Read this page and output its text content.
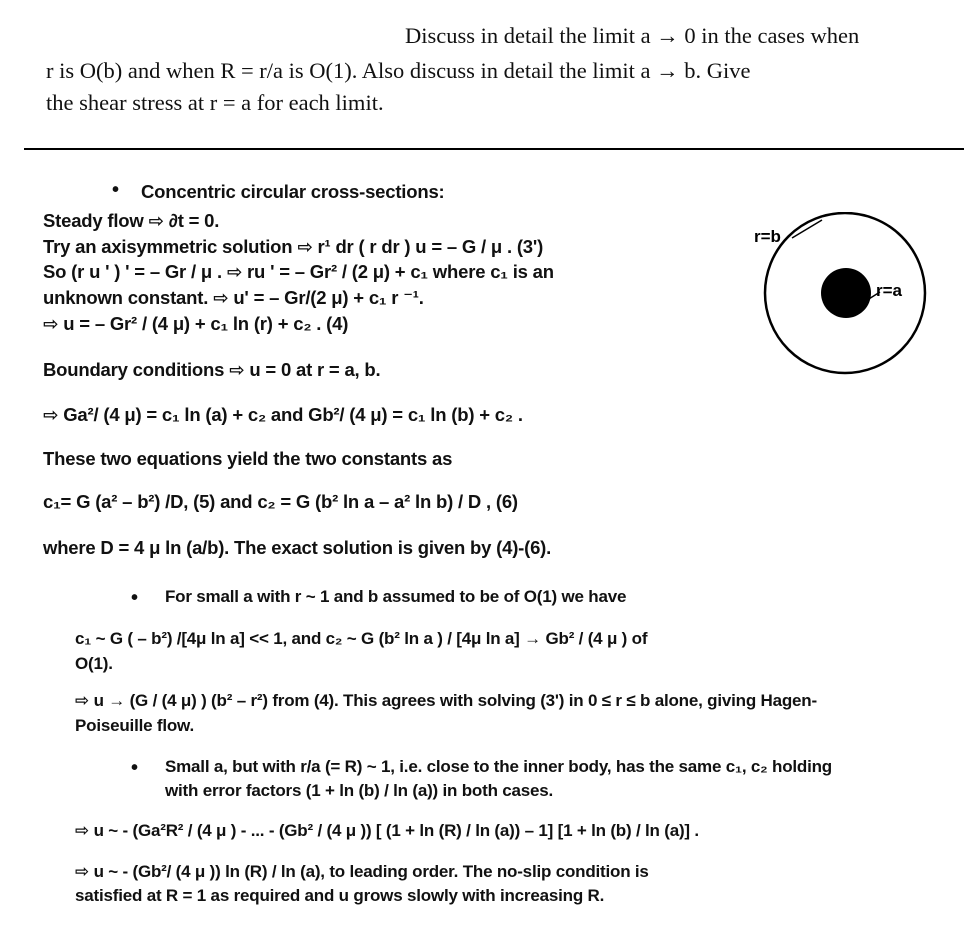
Discuss in detail the limit a → 0 in the cases when
r is O(b) and when R = r/a is O(1). Also discuss in detail the limit a → b. Give
the shear stress at r = a for each limit.
• Concentric circular cross-sections:
Steady flow ⇨ ∂t = 0.
Try an axisymmetric solution ⇨ r¹ dr ( r dr ) u = – G / μ . (3')
So (r u ' ) ' = – Gr / μ . ⇨ ru ' = – Gr² / (2 μ) + c₁ where c₁ is an
unknown constant. ⇨ u' = – Gr/(2 μ) + c₁ r ⁻¹.
⇨ u = – Gr² / (4 μ) + c₁ ln (r) + c₂ . (4)
Boundary conditions ⇨ u = 0 at r = a, b.
⇨ Ga²/ (4 μ) = c₁ ln (a) + c₂ and Gb²/ (4 μ) = c₁ ln (b) + c₂ .
These two equations yield the two constants as
c₁= G (a² – b²) /D, (5) and c₂ = G (b² ln a – a² ln b) / D , (6)
where D = 4 μ ln (a/b). The exact solution is given by (4)-(6).
• For small a with r ~ 1 and b assumed to be of O(1) we have
c₁ ~ G ( – b²) /[4μ ln a] << 1, and c₂ ~ G (b² ln a ) / [4μ ln a] → Gb² / (4 μ ) of
O(1).
⇨ u → (G / (4 μ) ) (b² – r²) from (4). This agrees with solving (3') in 0 ≤ r ≤ b alone, giving Hagen-
Poiseuille flow.
• Small a, but with r/a (= R) ~ 1, i.e. close to the inner body, has the same c₁, c₂ holding
with error factors (1 + ln (b) / ln (a)) in both cases.
⇨ u ~ - (Ga²R² / (4 μ ) - ... - (Gb² / (4 μ )) [ (1 + ln (R) / ln (a)) – 1] [1 + ln (b) / ln (a)] .
⇨ u ~ - (Gb²/ (4 μ )) ln (R) / ln (a), to leading order. The no-slip condition is
satisfied at R = 1 as required and u grows slowly with increasing R.
r=b
r=a
